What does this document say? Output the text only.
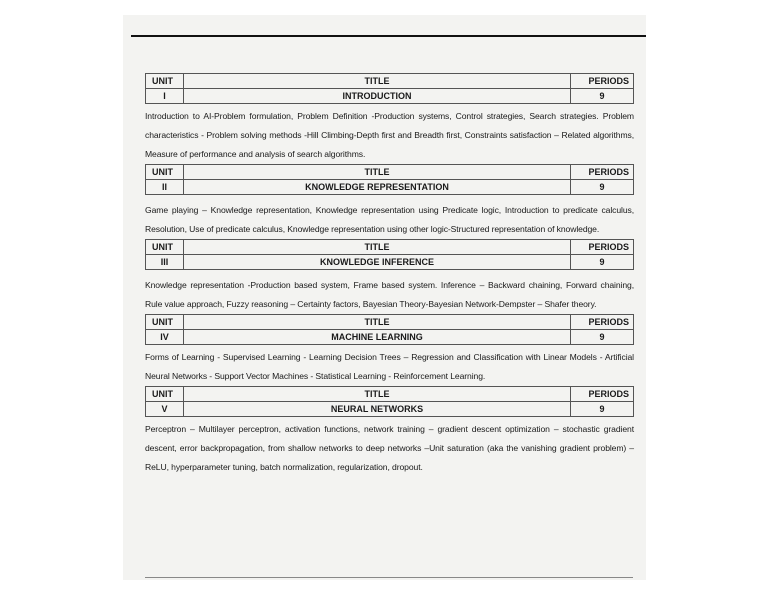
UNIT	TITLE	PERIODS
I	INTRODUCTION	9

Introduction to AI-Problem formulation, Problem Definition -Production systems, Control strategies, Search strategies. Problem characteristics - Problem solving methods -Hill Climbing-Depth first and Breadth first, Constraints satisfaction – Related algorithms, Measure of performance and analysis of search algorithms.

UNIT	TITLE	PERIODS
II	KNOWLEDGE REPRESENTATION	9

Game playing – Knowledge representation, Knowledge representation using Predicate logic, Introduction to predicate calculus, Resolution, Use of predicate calculus, Knowledge representation using other logic-Structured representation of knowledge.

UNIT	TITLE	PERIODS
III	KNOWLEDGE INFERENCE	9

Knowledge representation -Production based system, Frame based system. Inference – Backward chaining, Forward chaining, Rule value approach, Fuzzy reasoning – Certainty factors, Bayesian Theory-Bayesian Network-Dempster – Shafer theory.

UNIT	TITLE	PERIODS
IV	MACHINE LEARNING	9

Forms of Learning - Supervised Learning - Learning Decision Trees – Regression and Classification with Linear Models - Artificial Neural Networks - Support Vector Machines - Statistical Learning - Reinforcement Learning.

UNIT	TITLE	PERIODS
V	NEURAL NETWORKS	9

Perceptron – Multilayer perceptron, activation functions, network training – gradient descent optimization – stochastic gradient descent, error backpropagation, from shallow networks to deep networks –Unit saturation (aka the vanishing gradient problem) – ReLU, hyperparameter tuning, batch normalization, regularization, dropout.
